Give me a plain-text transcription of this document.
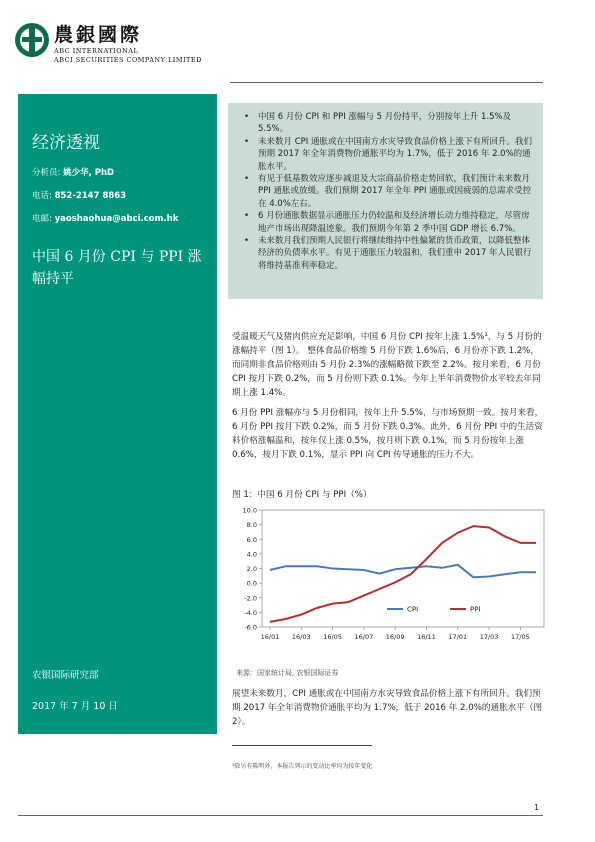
農銀國際
ABC INTERNATIONAL
ABCI SECURITIES COMPANY LIMITED
经济透视
分析员: 姚少华, PhD
电话: 852-2147 8863
电邮: yaoshaohua@abci.com.hk
中国 6 月份 CPI 与 PPI 涨幅持平
农银国际研究部
2017 年 7 月 10 日
• 中国 6 月份 CPI 和 PPI 涨幅与 5 月份持平，分别按年上升 1.5%及 5.5%。
• 未来数月 CPI 通胀或在中国南方水灾导致食品价格上涨下有所回升。我们预期 2017 年全年消费物价通胀平均为 1.7%，低于 2016 年 2.0%的通胀水平。
• 有见于低基数效应逐步减退及大宗商品价格走势回软，我们预计未来数月 PPI 通胀或放缓。我们预期 2017 年全年 PPI 通胀或因疲弱的总需求受控在 4.0%左右。
• 6 月份通胀数据显示通胀压力仍较温和及经济增长动力维持稳定，尽管房地产市场出现降温迹象。我们预期今年第 2 季中国 GDP 增长 6.7%。
• 未来数月我们预期人民银行将继续维持中性偏紧的货币政策，以降低整体经济的负债率水平。有见于通胀压力较温和，我们重申 2017 年人民银行将维持基准利率稳定。
受温暖天气及猪肉供应充足影响，中国 6 月份 CPI 按年上涨 1.5%¹，与 5 月份的涨幅持平（图 1）。 整体食品价格维 5 月份下跌 1.6%后，6 月份亦下跌 1.2%，而同期非食品价格则由 5 月份 2.3%的涨幅略微下跌至 2.2%。按月来看，6 月份 CPI 按月下跌 0.2%，而 5 月份则下跌 0.1%。今年上半年消费物价水平较去年同期上涨 1.4%。
6 月份 PPI 涨幅亦与 5 月份相同，按年上升 5.5%，与市场预期一致。按月来看，6 月份 PPI 按月下跌 0.2%，而 5 月份下跌 0.3%。此外，6 月份 PPI 中的生活资料价格涨幅温和，按年仅上涨 0.5%，按月则下跌 0.1%，而 5 月份按年上涨 0.6%，按月下跌 0.1%，显示 PPI 向 CPI 传导通胀的压力不大。
图 1：中国 6 月份 CPI 与 PPI（%）
-6.0
-4.0
-2.0
0.0
2.0
4.0
6.0
8.0
10.0
16/01 16/03 16/05 16/07 16/09 16/11 17/01 17/03 17/05
CPI	PPI
来源：国家统计局, 农银国际证券
展望未来数月，CPI 通胀或在中国南方水灾导致食品价格上涨下有所回升。我们预期 2017 年全年消费物价通胀平均为 1.7%，低于 2016 年 2.0%的通胀水平（图 2）。
¹除另有陈明外，本报告列示的变动比率均为按年变化
1
